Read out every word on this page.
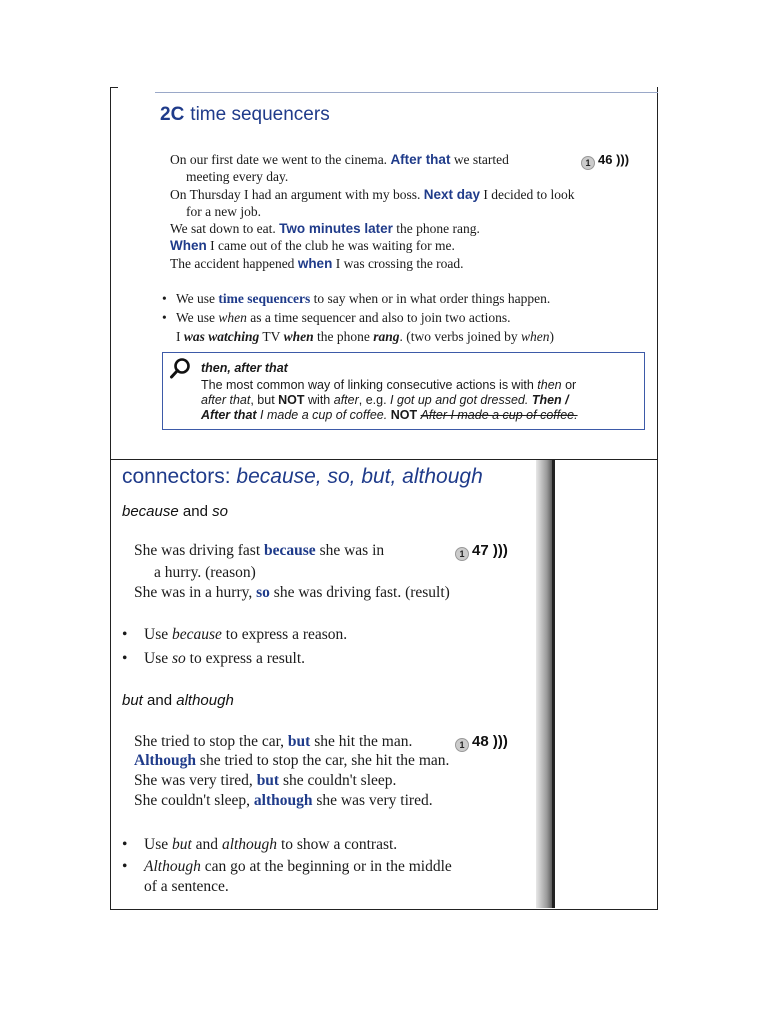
2C time sequencers
1 46 )))
On our first date we went to the cinema. After that we started
meeting every day.
On Thursday I had an argument with my boss. Next day I decided to look
for a new job.
We sat down to eat. Two minutes later the phone rang.
When I came out of the club he was waiting for me.
The accident happened when I was crossing the road.
• We use time sequencers to say when or in what order things happen.
• We use when as a time sequencer and also to join two actions.
I was watching TV when the phone rang. (two verbs joined by when)
then, after that
The most common way of linking consecutive actions is with then or
after that, but NOT with after, e.g. I got up and got dressed. Then /
After that I made a cup of coffee. NOT After I made a cup of coffee.
connectors: because, so, but, although
because and so
1 47 )))
She was driving fast because she was in
a hurry. (reason)
She was in a hurry, so she was driving fast. (result)
• Use because to express a reason.
• Use so to express a result.
but and although
1 48 )))
She tried to stop the car, but she hit the man.
Although she tried to stop the car, she hit the man.
She was very tired, but she couldn't sleep.
She couldn't sleep, although she was very tired.
• Use but and although to show a contrast.
• Although can go at the beginning or in the middle
of a sentence.
